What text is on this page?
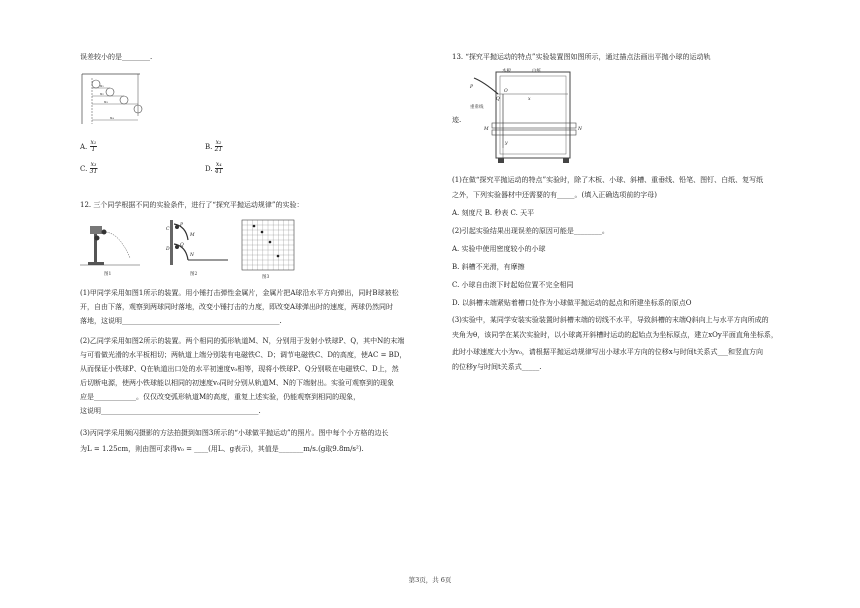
误差较小的是________.
x₁
x₂
x₃
x₄
A. $\frac{\text{x₁}}{T}$	B. $\frac{\text{x₂}}{2T}$
C. $\frac{\text{x₃}}{3T}$	D. $\frac{\text{x₄}}{4T}$
12. 三个同学根据不同的实验条件，进行了“探究平抛运动规律”的实验：
图1
P
C
M
Q
D
N
图2
图3
(1)甲同学采用如图1所示的装置。用小锤打击弹性金属片，金属片把A球沿水平方向弹出，同时B球被松
开，自由下落，观察到两球同时落地，改变小锤打击的力度，即改变A球弹出时的速度，两球仍然同时
落地，这说明_____________________________________________.
(2)乙同学采用如图2所示的装置。两个相同的弧形轨道M、N，分别用于发射小铁球P、Q，其中N的末端
与可看做光滑的水平板相切；两轨道上端分别装有电磁铁C、D；调节电磁铁C、D的高度，使AC = BD，
从而保证小铁球P、Q在轨道出口处的水平初速度v₀相等，现将小铁球P、Q分别吸在电磁铁C、D上，然
后切断电源，使两小铁球能以相同的初速度v₀同时分别从轨道M、N的下端射出。实验可观察到的现象
应是____________。仅仅改变弧形轨道M的高度，重复上述实验，仍能观察到相同的现象，
这说明_____________________________________________.
(3)丙同学采用频闪摄影的方法拍摄到如图3所示的“小球做平抛运动”的照片。图中每个小方格的边长
为L = 1.25cm，则由图可求得v₀ = ____(用L、g表示)，其值是_______m/s.(g取9.8m/s²).
13. “探究平抛运动的特点”实验装置图如图所示，通过描点法画出平抛小球的运动轨
木板	白纸
P
O
Q	x
重垂线
M	N
y
迹.
(1)在做“探究平抛运动的特点”实验时，除了木板、小球、斜槽、重垂线、铅笔、图钉、白纸、复写纸
之外，下列实验器材中还需要的有_____。(填入正确选项前的字母)
A. 刻度尺 B. 秒表 C. 天平
(2)引起实验结果出现误差的原因可能是________。
A. 实验中使用密度较小的小球
B. 斜槽不光滑，有摩擦
C. 小球自由滚下时起始位置不完全相同
D. 以斜槽末端紧贴着槽口处作为小球做平抛运动的起点和所建坐标系的原点O
(3)实验中，某同学安装实验装置时斜槽末端的切线不水平，导致斜槽的末端Q斜向上与水平方向所成的
夹角为θ，该同学在某次实验时，以小球离开斜槽时运动的起始点为坐标原点，建立xOy平面直角坐标系，
此时小球速度大小为v₀，请根据平抛运动规律写出小球水平方向的位移x与时间t关系式___和竖直方向
的位移y与时间t关系式_____.
第3页，共 6页
